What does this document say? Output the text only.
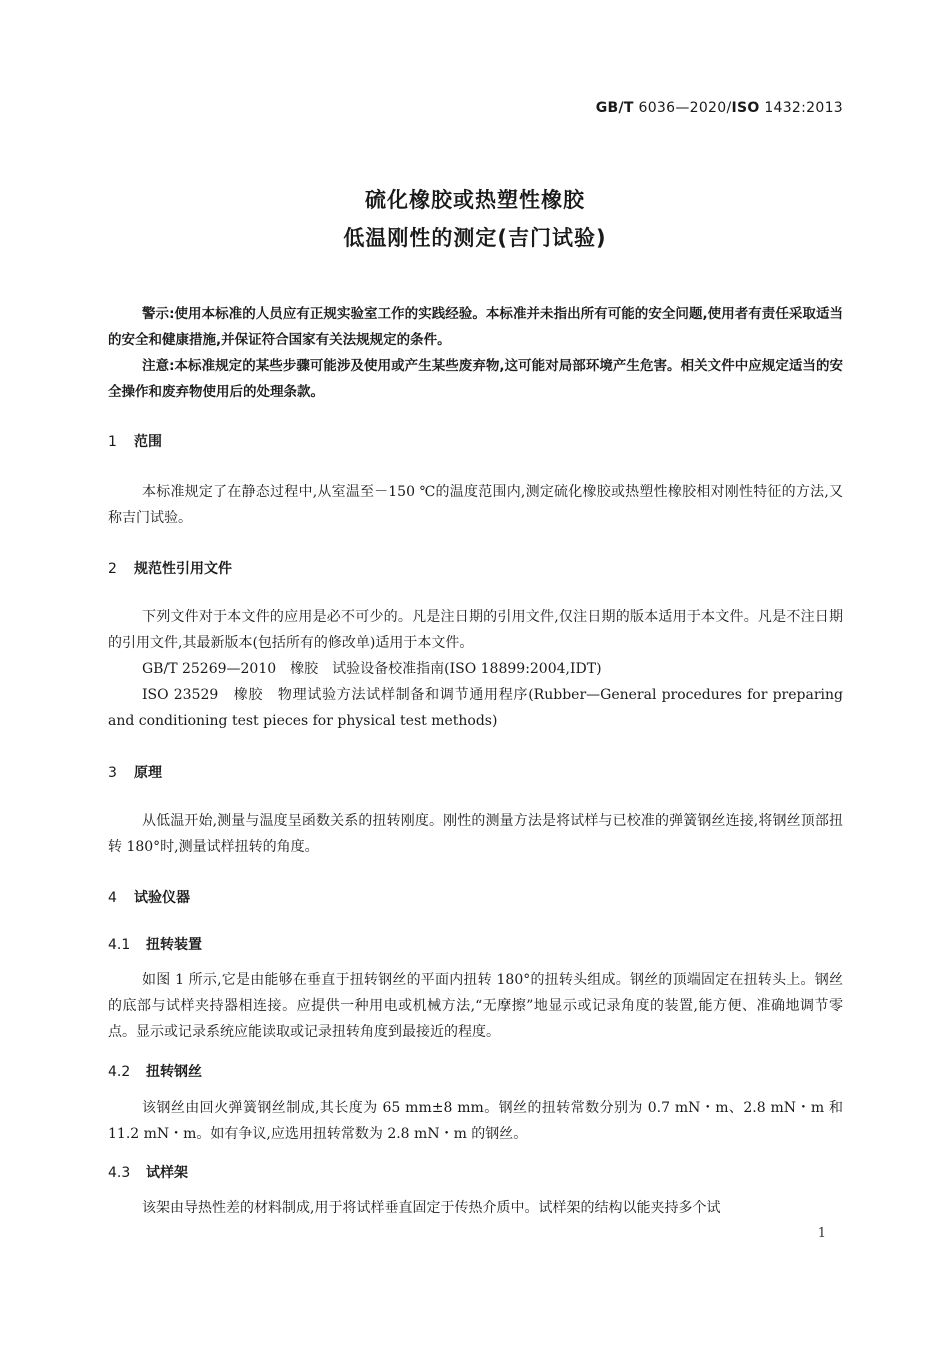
GB/T 6036—2020/ISO 1432:2013
硫化橡胶或热塑性橡胶
低温刚性的测定(吉门试验)
警示:使用本标准的人员应有正规实验室工作的实践经验。本标准并未指出所有可能的安全问题,使用者有责任采取适当的安全和健康措施,并保证符合国家有关法规规定的条件。
注意:本标准规定的某些步骤可能涉及使用或产生某些废弃物,这可能对局部环境产生危害。相关文件中应规定适当的安全操作和废弃物使用后的处理条款。
1 范围
本标准规定了在静态过程中,从室温至－150 ℃的温度范围内,测定硫化橡胶或热塑性橡胶相对刚性特征的方法,又称吉门试验。
2 规范性引用文件
下列文件对于本文件的应用是必不可少的。凡是注日期的引用文件,仅注日期的版本适用于本文件。凡是不注日期的引用文件,其最新版本(包括所有的修改单)适用于本文件。
GB/T 25269—2010　橡胶　试验设备校准指南(ISO 18899:2004,IDT)
ISO 23529　橡胶　物理试验方法试样制备和调节通用程序(Rubber—General procedures for preparing and conditioning test pieces for physical test methods)
3 原理
从低温开始,测量与温度呈函数关系的扭转刚度。刚性的测量方法是将试样与已校准的弹簧钢丝连接,将钢丝顶部扭转 180°时,测量试样扭转的角度。
4 试验仪器
4.1 扭转装置
如图 1 所示,它是由能够在垂直于扭转钢丝的平面内扭转 180°的扭转头组成。钢丝的顶端固定在扭转头上。钢丝的底部与试样夹持器相连接。应提供一种用电或机械方法,“无摩擦”地显示或记录角度的装置,能方便、准确地调节零点。显示或记录系统应能读取或记录扭转角度到最接近的程度。
4.2 扭转钢丝
该钢丝由回火弹簧钢丝制成,其长度为 65 mm±8 mm。钢丝的扭转常数分别为 0.7 mN・m、2.8 mN・m 和 11.2 mN・m。如有争议,应选用扭转常数为 2.8 mN・m 的钢丝。
4.3 试样架
该架由导热性差的材料制成,用于将试样垂直固定于传热介质中。试样架的结构以能夹持多个试
1
